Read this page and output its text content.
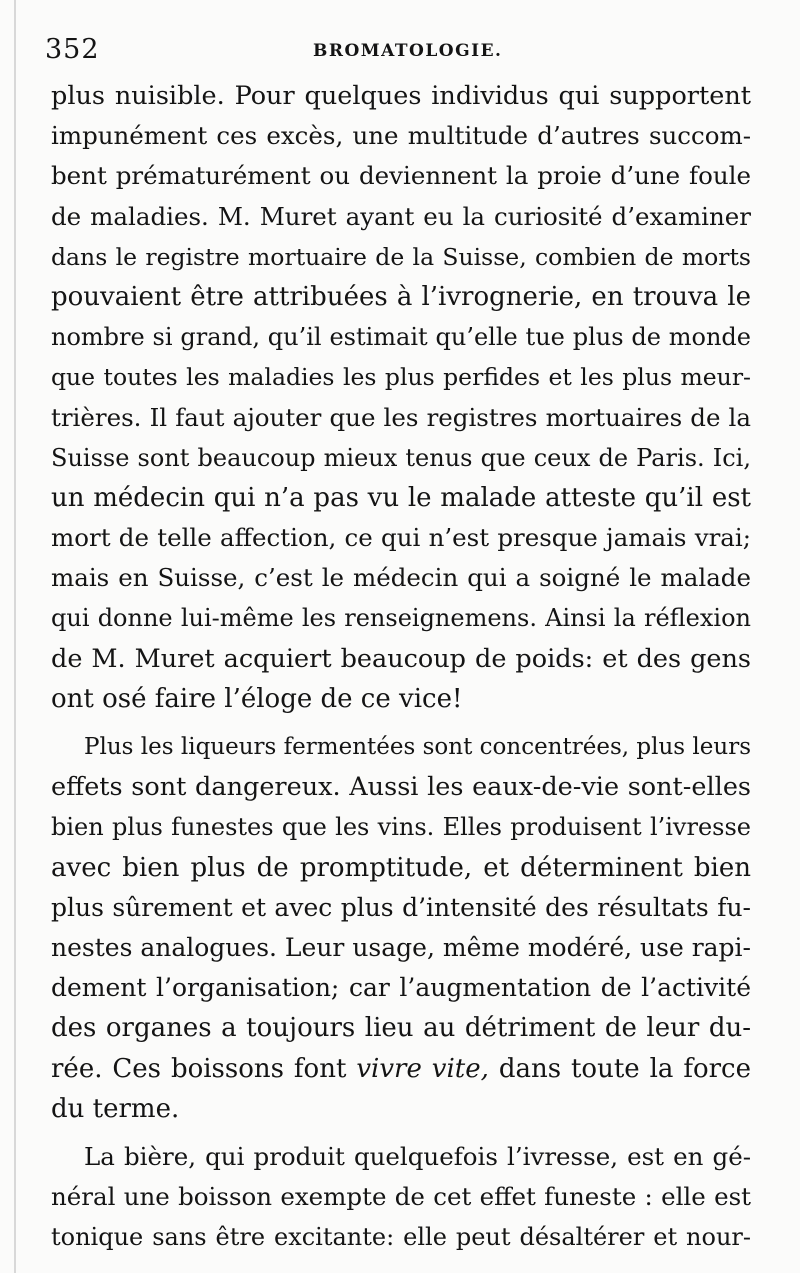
352	BROMATOLOGIE.
plus nuisible. Pour quelques individus qui supportent
impunément ces excès, une multitude d’autres succom-
bent prématurément ou deviennent la proie d’une foule
de maladies. M. Muret ayant eu la curiosité d’examiner
dans le registre mortuaire de la Suisse, combien de morts
pouvaient être attribuées à l’ivrognerie, en trouva le
nombre si grand, qu’il estimait qu’elle tue plus de monde
que toutes les maladies les plus perfides et les plus meur-
trières. Il faut ajouter que les registres mortuaires de la
Suisse sont beaucoup mieux tenus que ceux de Paris. Ici,
un médecin qui n’a pas vu le malade atteste qu’il est
mort de telle affection, ce qui n’est presque jamais vrai;
mais en Suisse, c’est le médecin qui a soigné le malade
qui donne lui-même les renseignemens. Ainsi la réflexion
de M. Muret acquiert beaucoup de poids: et des gens
ont osé faire l’éloge de ce vice!
Plus les liqueurs fermentées sont concentrées, plus leurs
effets sont dangereux. Aussi les eaux-de-vie sont-elles
bien plus funestes que les vins. Elles produisent l’ivresse
avec bien plus de promptitude, et déterminent bien
plus sûrement et avec plus d’intensité des résultats fu-
nestes analogues. Leur usage, même modéré, use rapi-
dement l’organisation; car l’augmentation de l’activité
des organes a toujours lieu au détriment de leur du-
rée. Ces boissons font vivre vite, dans toute la force
du terme.
La bière, qui produit quelquefois l’ivresse, est en gé-
néral une boisson exempte de cet effet funeste : elle est
tonique sans être excitante: elle peut désaltérer et nour-
